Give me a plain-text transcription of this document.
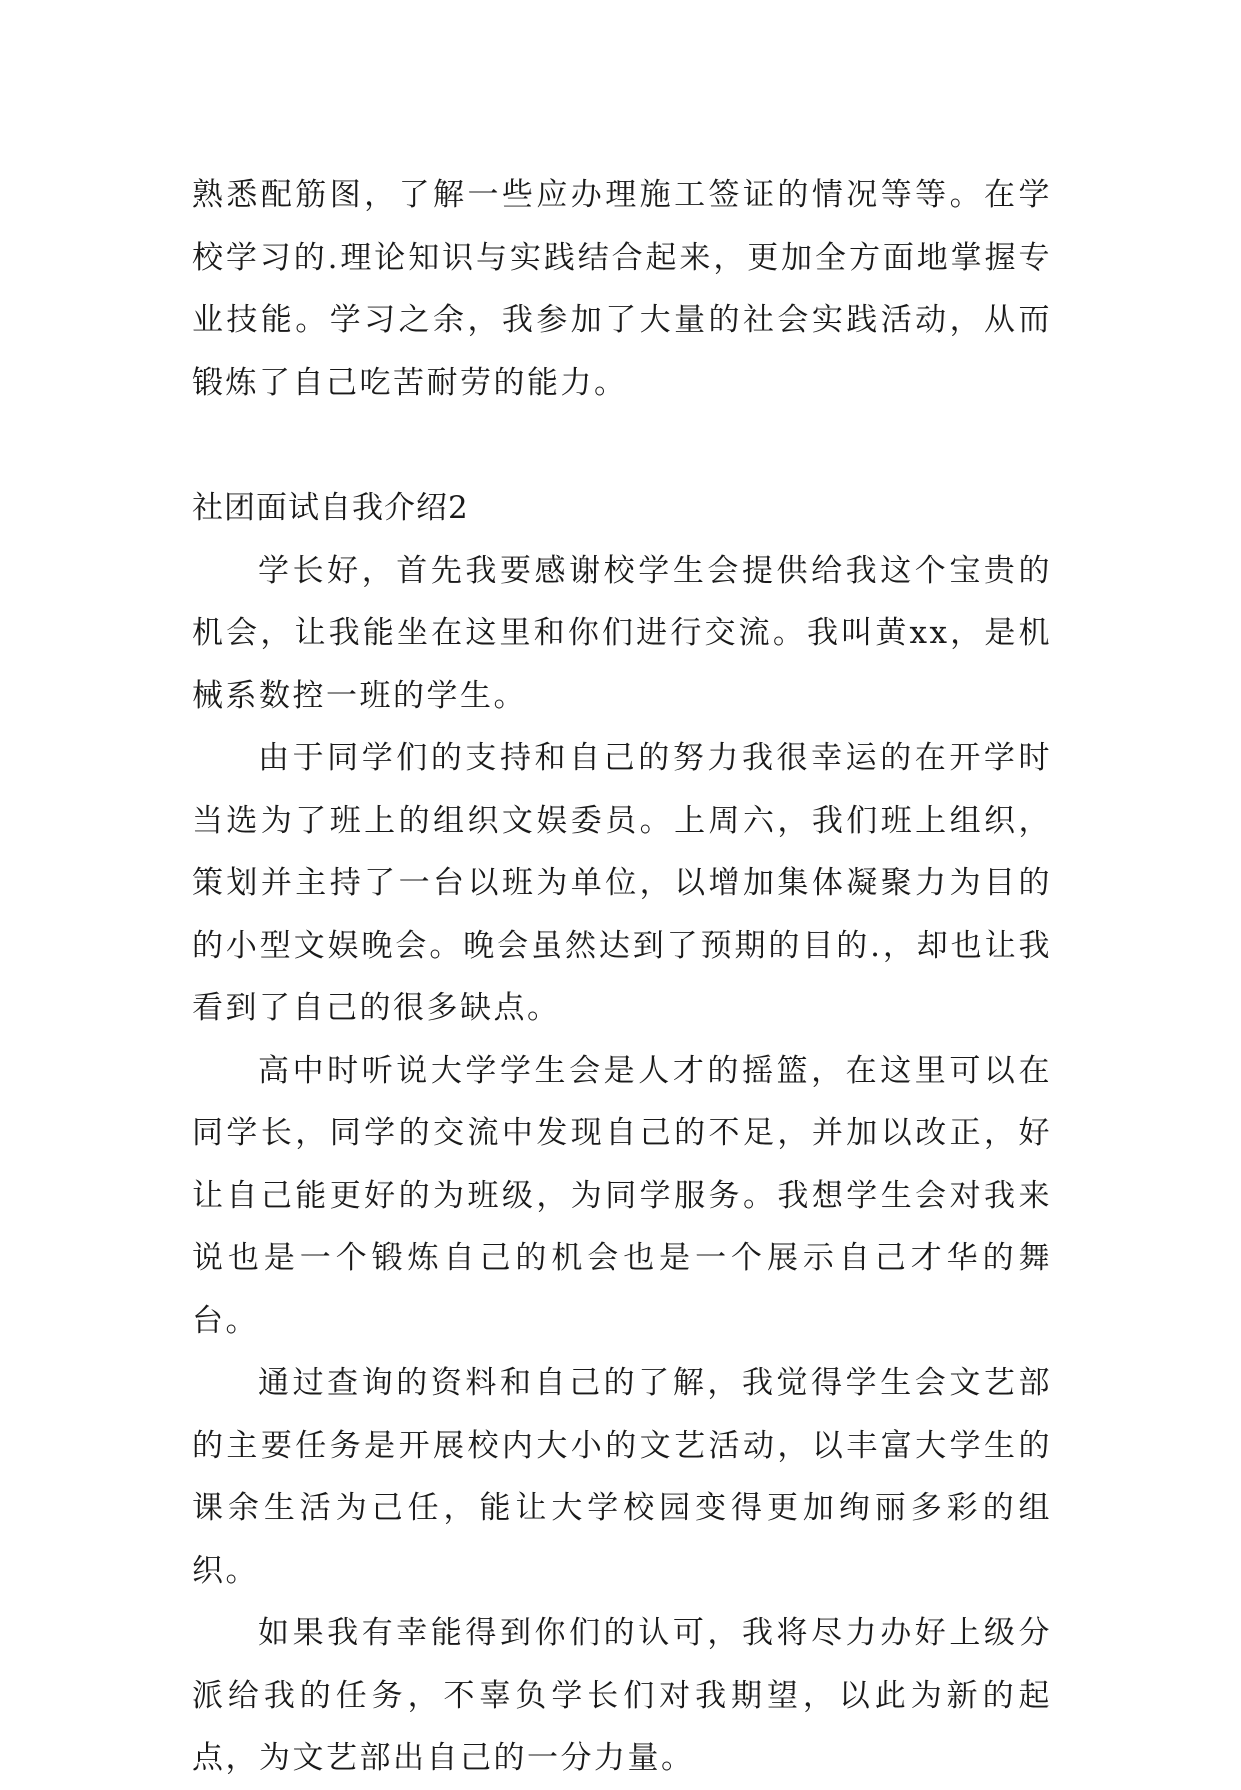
熟悉配筋图，了解一些应办理施工签证的情况等等。在学校学习的.理论知识与实践结合起来，更加全方面地掌握专业技能。学习之余，我参加了大量的社会实践活动，从而锻炼了自己吃苦耐劳的能力。

社团面试自我介绍2

学长好，首先我要感谢校学生会提供给我这个宝贵的机会，让我能坐在这里和你们进行交流。我叫黄xx，是机械系数控一班的学生。

由于同学们的支持和自己的努力我很幸运的在开学时当选为了班上的组织文娱委员。上周六，我们班上组织，策划并主持了一台以班为单位，以增加集体凝聚力为目的的小型文娱晚会。晚会虽然达到了预期的目的.，却也让我看到了自己的很多缺点。

高中时听说大学学生会是人才的摇篮，在这里可以在同学长，同学的交流中发现自己的不足，并加以改正，好让自己能更好的为班级，为同学服务。我想学生会对我来说也是一个锻炼自己的机会也是一个展示自己才华的舞台。

通过查询的资料和自己的了解，我觉得学生会文艺部的主要任务是开展校内大小的文艺活动，以丰富大学生的课余生活为己任，能让大学校园变得更加绚丽多彩的组织。

如果我有幸能得到你们的认可，我将尽力办好上级分派给我的任务，不辜负学长们对我期望，以此为新的起点，为文艺部出自己的一分力量。
